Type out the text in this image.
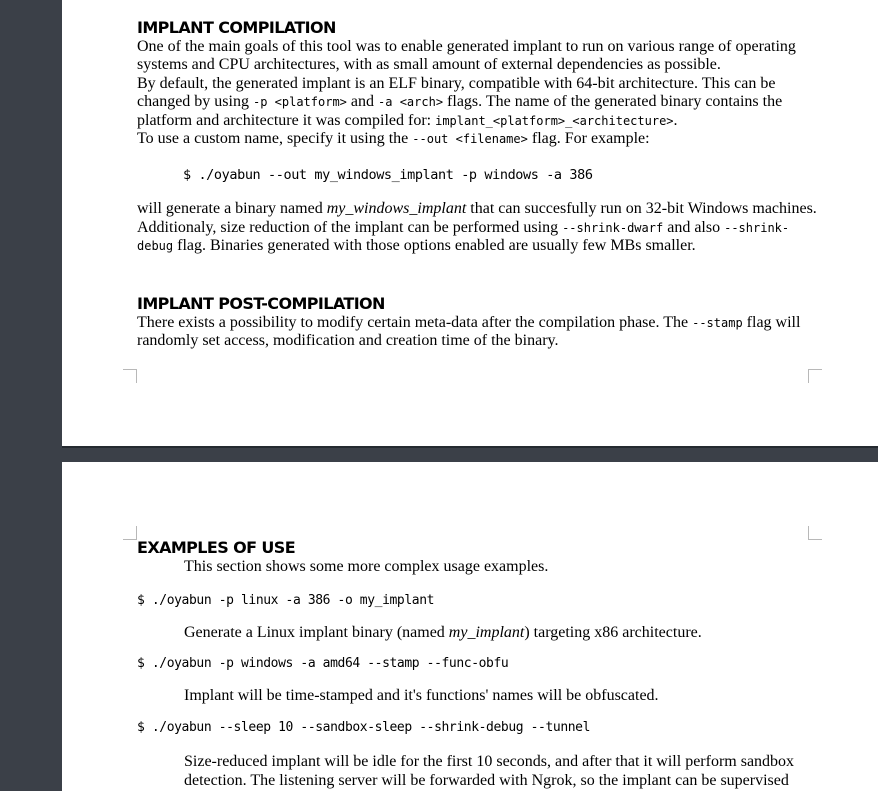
IMPLANT COMPILATION

One of the main goals of this tool was to enable generated implant to run on various range of operating systems and CPU architectures, with as small amount of external dependencies as possible.

By default, the generated implant is an ELF binary, compatible with 64-bit architecture. This can be changed by using -p <platform> and -a <arch> flags. The name of the generated binary contains the platform and architecture it was compiled for: implant_<platform>_<architecture>.

To use a custom name, specify it using the --out <filename> flag. For example:

$ ./oyabun --out my_windows_implant -p windows -a 386

will generate a binary named my_windows_implant that can succesfully run on 32-bit Windows machines. Additionaly, size reduction of the implant can be performed using --shrink-dwarf and also --shrink-debug flag. Binaries generated with those options enabled are usually few MBs smaller.

IMPLANT POST-COMPILATION

There exists a possibility to modify certain meta-data after the compilation phase. The --stamp flag will randomly set access, modification and creation time of the binary.

EXAMPLES OF USE

This section shows some more complex usage examples.

$ ./oyabun -p linux -a 386 -o my_implant

Generate a Linux implant binary (named my_implant) targeting x86 architecture.

$ ./oyabun -p windows -a amd64 --stamp --func-obfu

Implant will be time-stamped and it's functions' names will be obfuscated.

$ ./oyabun --sleep 10 --sandbox-sleep --shrink-debug --tunnel

Size-reduced implant will be idle for the first 10 seconds, and after that it will perform sandbox detection. The listening server will be forwarded with Ngrok, so the implant can be supervised
